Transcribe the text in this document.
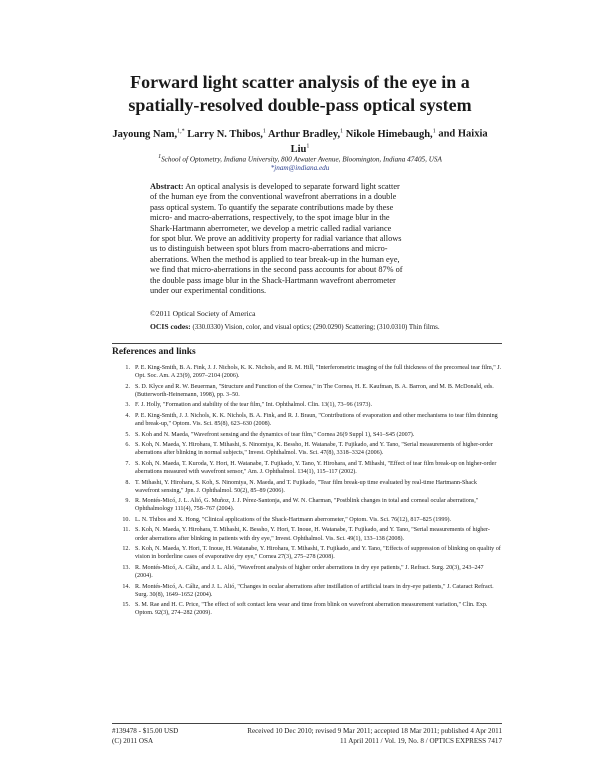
Forward light scatter analysis of the eye in a
spatially-resolved double-pass optical system
Jayoung Nam,$^{1,*}$ Larry N. Thibos,$^1$ Arthur Bradley,$^1$ Nikole Himebaugh,$^1$ and Haixia
Liu$^1$
$^1$School of Optometry, Indiana University, 800 Atwater Avenue, Bloomington, Indiana 47405, USA
*jnam@indiana.edu
Abstract: An optical analysis is developed to separate forward light scatter
of the human eye from the conventional wavefront aberrations in a double
pass optical system. To quantify the separate contributions made by these
micro- and macro-aberrations, respectively, to the spot image blur in the
Shark-Hartmann aberrometer, we develop a metric called radial variance
for spot blur. We prove an additivity property for radial variance that allows
us to distinguish between spot blurs from macro-aberrations and micro-
aberrations. When the method is applied to tear break-up in the human eye,
we find that micro-aberrations in the second pass accounts for about 87% of
the double pass image blur in the Shack-Hartmann wavefront aberrometer
under our experimental conditions.
©2011 Optical Society of America
OCIS codes: (330.0330) Vision, color, and visual optics; (290.0290) Scattering; (310.0310) Thin films.
References and links
1. P. E. King-Smith, B. A. Fink, J. J. Nichols, K. K. Nichols, and R. M. Hill, "Interferometric imaging of the full thickness of the precorneal tear film," J. Opt. Soc. Am. A 23(9), 2097–2104 (2006).
2. S. D. Klyce and R. W. Beuerman, "Structure and Function of the Cornea," in The Cornea, H. E. Kaufman, B. A. Barron, and M. B. McDonald, eds. (Butterworth-Heinemann, 1998), pp. 3–50.
3. F. J. Holly, "Formation and stability of the tear film," Int. Ophthalmol. Clin. 13(1), 73–96 (1973).
4. P. E. King-Smith, J. J. Nichols, K. K. Nichols, B. A. Fink, and R. J. Braun, "Contributions of evaporation and other mechanisms to tear film thinning and break-up," Optom. Vis. Sci. 85(8), 623–630 (2008).
5. S. Koh and N. Maeda, "Wavefront sensing and the dynamics of tear film," Cornea 26(9 Suppl 1), S41–S45 (2007).
6. S. Koh, N. Maeda, Y. Hirohara, T. Mihashi, S. Ninomiya, K. Bessho, H. Watanabe, T. Fujikado, and Y. Tano, "Serial measurements of higher-order aberrations after blinking in normal subjects," Invest. Ophthalmol. Vis. Sci. 47(8), 3318–3324 (2006).
7. S. Koh, N. Maeda, T. Kuroda, Y. Hori, H. Watanabe, T. Fujikado, Y. Tano, Y. Hirohara, and T. Mihashi, "Effect of tear film break-up on higher-order aberrations measured with wavefront sensor," Am. J. Ophthalmol. 134(1), 115–117 (2002).
8. T. Mihashi, Y. Hirohara, S. Koh, S. Ninomiya, N. Maeda, and T. Fujikado, "Tear film break-up time evaluated by real-time Hartmann-Shack wavefront sensing," Jpn. J. Ophthalmol. 50(2), 85–89 (2006).
9. R. Montés-Micó, J. L. Alió, G. Muñoz, J. J. Pérez-Santonja, and W. N. Charman, "Postblink changes in total and corneal ocular aberrations," Ophthalmology 111(4), 758–767 (2004).
10. L. N. Thibos and X. Hong, "Clinical applications of the Shack-Hartmann aberrometer," Optom. Vis. Sci. 76(12), 817–825 (1999).
11. S. Koh, N. Maeda, Y. Hirohara, T. Mihashi, K. Bessho, Y. Hori, T. Inoue, H. Watanabe, T. Fujikado, and Y. Tano, "Serial measurements of higher-order aberrations after blinking in patients with dry eye," Invest. Ophthalmol. Vis. Sci. 49(1), 133–138 (2008).
12. S. Koh, N. Maeda, Y. Hori, T. Inoue, H. Watanabe, Y. Hirohara, T. Mihashi, T. Fujikado, and Y. Tano, "Effects of suppression of blinking on quality of vision in borderline cases of evaporative dry eye," Cornea 27(3), 275–278 (2008).
13. R. Montés-Micó, A. Cáliz, and J. L. Alió, "Wavefront analysis of higher order aberrations in dry eye patients," J. Refract. Surg. 20(3), 243–247 (2004).
14. R. Montés-Micó, A. Cáliz, and J. L. Alió, "Changes in ocular aberrations after instillation of artificial tears in dry-eye patients," J. Cataract Refract. Surg. 30(8), 1649–1652 (2004).
15. S. M. Rae and H. C. Price, "The effect of soft contact lens wear and time from blink on wavefront aberration measurement variation," Clin. Exp. Optom. 92(3), 274–282 (2009).
#139478 - $15.00 USD	Received 10 Dec 2010; revised 9 Mar 2011; accepted 18 Mar 2011; published 4 Apr 2011
(C) 2011 OSA	11 April 2011 / Vol. 19, No. 8 / OPTICS EXPRESS 7417
